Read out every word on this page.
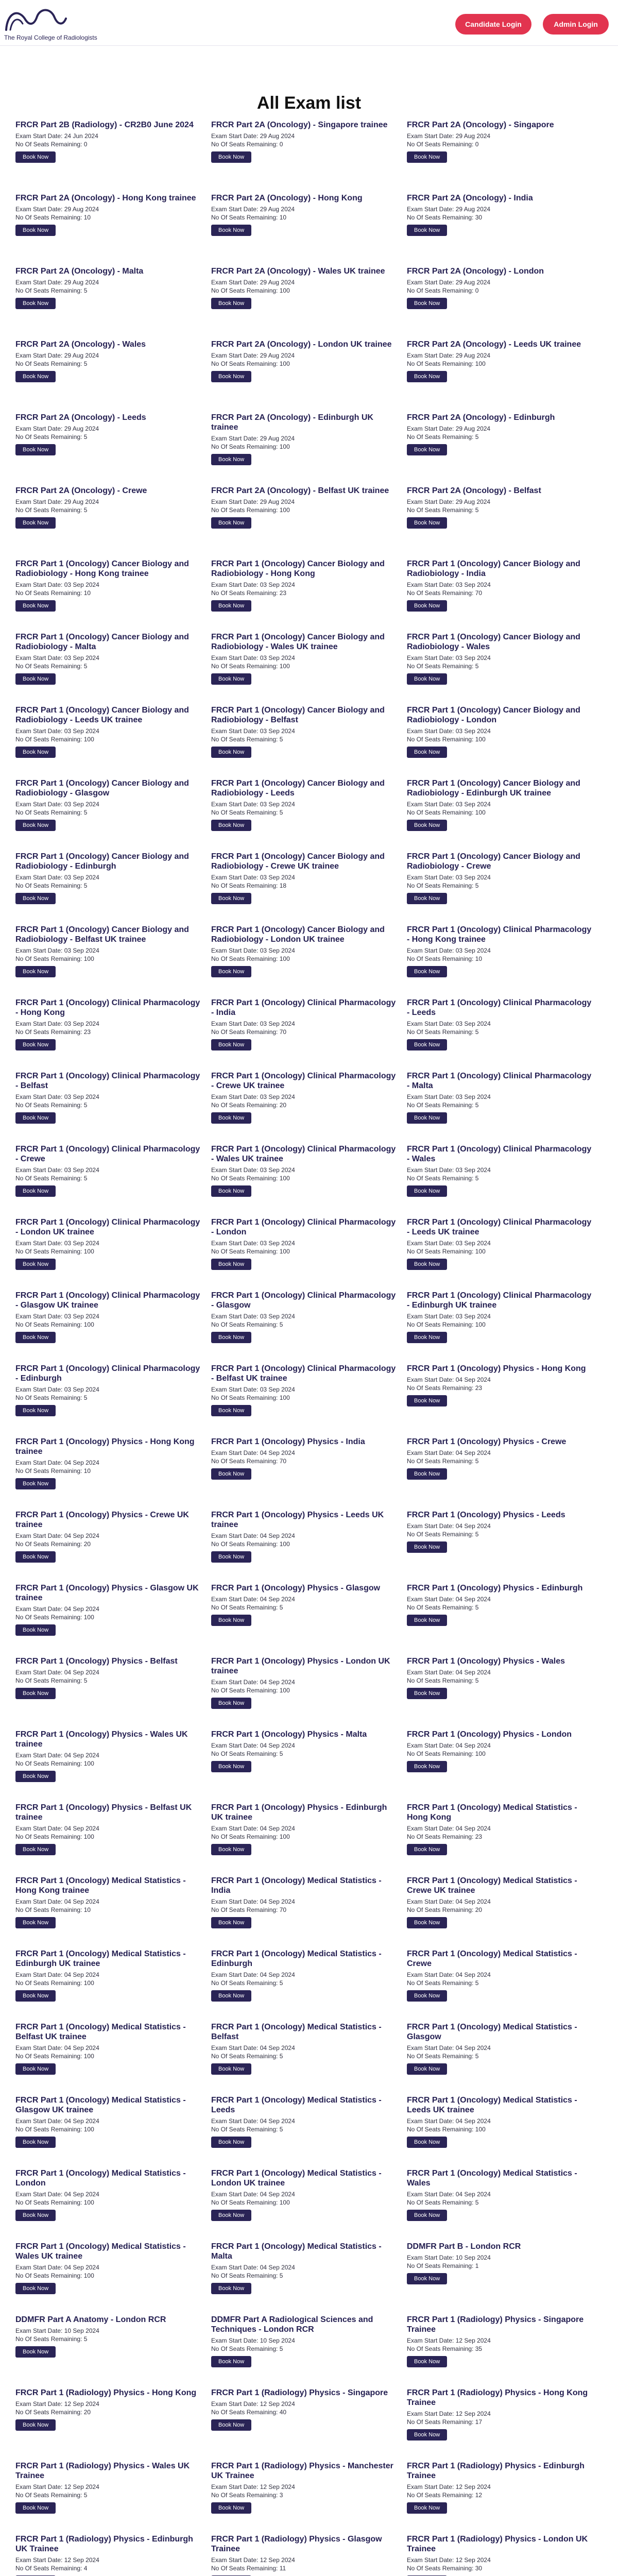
The Royal College of Radiologists
Candidate Login	Admin Login
All Exam list
FRCR Part 2B (Radiology) - CR2B0 June 2024
Exam Start Date: 24 Jun 2024
No Of Seats Remaining: 0
Book Now
FRCR Part 2A (Oncology) - Singapore trainee
Exam Start Date: 29 Aug 2024
No Of Seats Remaining: 0
Book Now
FRCR Part 2A (Oncology) - Singapore
Exam Start Date: 29 Aug 2024
No Of Seats Remaining: 0
Book Now
FRCR Part 2A (Oncology) - Hong Kong trainee
Exam Start Date: 29 Aug 2024
No Of Seats Remaining: 10
Book Now
FRCR Part 2A (Oncology) - Hong Kong
Exam Start Date: 29 Aug 2024
No Of Seats Remaining: 10
Book Now
FRCR Part 2A (Oncology) - India
Exam Start Date: 29 Aug 2024
No Of Seats Remaining: 30
Book Now
FRCR Part 2A (Oncology) - Malta
Exam Start Date: 29 Aug 2024
No Of Seats Remaining: 5
Book Now
FRCR Part 2A (Oncology) - Wales UK trainee
Exam Start Date: 29 Aug 2024
No Of Seats Remaining: 100
Book Now
FRCR Part 2A (Oncology) - London
Exam Start Date: 29 Aug 2024
No Of Seats Remaining: 0
Book Now
FRCR Part 2A (Oncology) - Wales
Exam Start Date: 29 Aug 2024
No Of Seats Remaining: 5
Book Now
FRCR Part 2A (Oncology) - London UK trainee
Exam Start Date: 29 Aug 2024
No Of Seats Remaining: 100
Book Now
FRCR Part 2A (Oncology) - Leeds UK trainee
Exam Start Date: 29 Aug 2024
No Of Seats Remaining: 100
Book Now
FRCR Part 2A (Oncology) - Leeds
Exam Start Date: 29 Aug 2024
No Of Seats Remaining: 5
Book Now
FRCR Part 2A (Oncology) - Edinburgh UK trainee
Exam Start Date: 29 Aug 2024
No Of Seats Remaining: 100
Book Now
FRCR Part 2A (Oncology) - Edinburgh
Exam Start Date: 29 Aug 2024
No Of Seats Remaining: 5
Book Now
FRCR Part 2A (Oncology) - Crewe
Exam Start Date: 29 Aug 2024
No Of Seats Remaining: 5
Book Now
FRCR Part 2A (Oncology) - Belfast UK trainee
Exam Start Date: 29 Aug 2024
No Of Seats Remaining: 100
Book Now
FRCR Part 2A (Oncology) - Belfast
Exam Start Date: 29 Aug 2024
No Of Seats Remaining: 5
Book Now
FRCR Part 1 (Oncology) Cancer Biology and Radiobiology - Hong Kong trainee
Exam Start Date: 03 Sep 2024
No Of Seats Remaining: 10
Book Now
FRCR Part 1 (Oncology) Cancer Biology and Radiobiology - Hong Kong
Exam Start Date: 03 Sep 2024
No Of Seats Remaining: 23
Book Now
FRCR Part 1 (Oncology) Cancer Biology and Radiobiology - India
Exam Start Date: 03 Sep 2024
No Of Seats Remaining: 70
Book Now
FRCR Part 1 (Oncology) Cancer Biology and Radiobiology - Malta
Exam Start Date: 03 Sep 2024
No Of Seats Remaining: 5
Book Now
FRCR Part 1 (Oncology) Cancer Biology and Radiobiology - Wales UK trainee
Exam Start Date: 03 Sep 2024
No Of Seats Remaining: 100
Book Now
FRCR Part 1 (Oncology) Cancer Biology and Radiobiology - Wales
Exam Start Date: 03 Sep 2024
No Of Seats Remaining: 5
Book Now
FRCR Part 1 (Oncology) Cancer Biology and Radiobiology - Leeds UK trainee
Exam Start Date: 03 Sep 2024
No Of Seats Remaining: 100
Book Now
FRCR Part 1 (Oncology) Cancer Biology and Radiobiology - Belfast
Exam Start Date: 03 Sep 2024
No Of Seats Remaining: 5
Book Now
FRCR Part 1 (Oncology) Cancer Biology and Radiobiology - London
Exam Start Date: 03 Sep 2024
No Of Seats Remaining: 100
Book Now
FRCR Part 1 (Oncology) Cancer Biology and Radiobiology - Glasgow
Exam Start Date: 03 Sep 2024
No Of Seats Remaining: 5
Book Now
FRCR Part 1 (Oncology) Cancer Biology and Radiobiology - Leeds
Exam Start Date: 03 Sep 2024
No Of Seats Remaining: 5
Book Now
FRCR Part 1 (Oncology) Cancer Biology and Radiobiology - Edinburgh UK trainee
Exam Start Date: 03 Sep 2024
No Of Seats Remaining: 100
Book Now
FRCR Part 1 (Oncology) Cancer Biology and Radiobiology - Edinburgh
Exam Start Date: 03 Sep 2024
No Of Seats Remaining: 5
Book Now
FRCR Part 1 (Oncology) Cancer Biology and Radiobiology - Crewe UK trainee
Exam Start Date: 03 Sep 2024
No Of Seats Remaining: 18
Book Now
FRCR Part 1 (Oncology) Cancer Biology and Radiobiology - Crewe
Exam Start Date: 03 Sep 2024
No Of Seats Remaining: 5
Book Now
FRCR Part 1 (Oncology) Cancer Biology and Radiobiology - Belfast UK trainee
Exam Start Date: 03 Sep 2024
No Of Seats Remaining: 100
Book Now
FRCR Part 1 (Oncology) Cancer Biology and Radiobiology - London UK trainee
Exam Start Date: 03 Sep 2024
No Of Seats Remaining: 100
Book Now
FRCR Part 1 (Oncology) Clinical Pharmacology - Hong Kong trainee
Exam Start Date: 03 Sep 2024
No Of Seats Remaining: 10
Book Now
FRCR Part 1 (Oncology) Clinical Pharmacology - Hong Kong
Exam Start Date: 03 Sep 2024
No Of Seats Remaining: 23
Book Now
FRCR Part 1 (Oncology) Clinical Pharmacology - India
Exam Start Date: 03 Sep 2024
No Of Seats Remaining: 70
Book Now
FRCR Part 1 (Oncology) Clinical Pharmacology - Leeds
Exam Start Date: 03 Sep 2024
No Of Seats Remaining: 5
Book Now
FRCR Part 1 (Oncology) Clinical Pharmacology - Belfast
Exam Start Date: 03 Sep 2024
No Of Seats Remaining: 5
Book Now
FRCR Part 1 (Oncology) Clinical Pharmacology - Crewe UK trainee
Exam Start Date: 03 Sep 2024
No Of Seats Remaining: 20
Book Now
FRCR Part 1 (Oncology) Clinical Pharmacology - Malta
Exam Start Date: 03 Sep 2024
No Of Seats Remaining: 5
Book Now
FRCR Part 1 (Oncology) Clinical Pharmacology - Crewe
Exam Start Date: 03 Sep 2024
No Of Seats Remaining: 5
Book Now
FRCR Part 1 (Oncology) Clinical Pharmacology - Wales UK trainee
Exam Start Date: 03 Sep 2024
No Of Seats Remaining: 100
Book Now
FRCR Part 1 (Oncology) Clinical Pharmacology - Wales
Exam Start Date: 03 Sep 2024
No Of Seats Remaining: 5
Book Now
FRCR Part 1 (Oncology) Clinical Pharmacology - London UK trainee
Exam Start Date: 03 Sep 2024
No Of Seats Remaining: 100
Book Now
FRCR Part 1 (Oncology) Clinical Pharmacology - London
Exam Start Date: 03 Sep 2024
No Of Seats Remaining: 100
Book Now
FRCR Part 1 (Oncology) Clinical Pharmacology - Leeds UK trainee
Exam Start Date: 03 Sep 2024
No Of Seats Remaining: 100
Book Now
FRCR Part 1 (Oncology) Clinical Pharmacology - Glasgow UK trainee
Exam Start Date: 03 Sep 2024
No Of Seats Remaining: 100
Book Now
FRCR Part 1 (Oncology) Clinical Pharmacology - Glasgow
Exam Start Date: 03 Sep 2024
No Of Seats Remaining: 5
Book Now
FRCR Part 1 (Oncology) Clinical Pharmacology - Edinburgh UK trainee
Exam Start Date: 03 Sep 2024
No Of Seats Remaining: 100
Book Now
FRCR Part 1 (Oncology) Clinical Pharmacology - Edinburgh
Exam Start Date: 03 Sep 2024
No Of Seats Remaining: 5
Book Now
FRCR Part 1 (Oncology) Clinical Pharmacology - Belfast UK trainee
Exam Start Date: 03 Sep 2024
No Of Seats Remaining: 100
Book Now
FRCR Part 1 (Oncology) Physics - Hong Kong
Exam Start Date: 04 Sep 2024
No Of Seats Remaining: 23
Book Now
FRCR Part 1 (Oncology) Physics - Hong Kong trainee
Exam Start Date: 04 Sep 2024
No Of Seats Remaining: 10
Book Now
FRCR Part 1 (Oncology) Physics - India
Exam Start Date: 04 Sep 2024
No Of Seats Remaining: 70
Book Now
FRCR Part 1 (Oncology) Physics - Crewe
Exam Start Date: 04 Sep 2024
No Of Seats Remaining: 5
Book Now
FRCR Part 1 (Oncology) Physics - Crewe UK trainee
Exam Start Date: 04 Sep 2024
No Of Seats Remaining: 20
Book Now
FRCR Part 1 (Oncology) Physics - Leeds UK trainee
Exam Start Date: 04 Sep 2024
No Of Seats Remaining: 100
Book Now
FRCR Part 1 (Oncology) Physics - Leeds
Exam Start Date: 04 Sep 2024
No Of Seats Remaining: 5
Book Now
FRCR Part 1 (Oncology) Physics - Glasgow UK trainee
Exam Start Date: 04 Sep 2024
No Of Seats Remaining: 100
Book Now
FRCR Part 1 (Oncology) Physics - Glasgow
Exam Start Date: 04 Sep 2024
No Of Seats Remaining: 5
Book Now
FRCR Part 1 (Oncology) Physics - Edinburgh
Exam Start Date: 04 Sep 2024
No Of Seats Remaining: 5
Book Now
FRCR Part 1 (Oncology) Physics - Belfast
Exam Start Date: 04 Sep 2024
No Of Seats Remaining: 5
Book Now
FRCR Part 1 (Oncology) Physics - London UK trainee
Exam Start Date: 04 Sep 2024
No Of Seats Remaining: 100
Book Now
FRCR Part 1 (Oncology) Physics - Wales
Exam Start Date: 04 Sep 2024
No Of Seats Remaining: 5
Book Now
FRCR Part 1 (Oncology) Physics - Wales UK trainee
Exam Start Date: 04 Sep 2024
No Of Seats Remaining: 100
Book Now
FRCR Part 1 (Oncology) Physics - Malta
Exam Start Date: 04 Sep 2024
No Of Seats Remaining: 5
Book Now
FRCR Part 1 (Oncology) Physics - London
Exam Start Date: 04 Sep 2024
No Of Seats Remaining: 100
Book Now
FRCR Part 1 (Oncology) Physics - Belfast UK trainee
Exam Start Date: 04 Sep 2024
No Of Seats Remaining: 100
Book Now
FRCR Part 1 (Oncology) Physics - Edinburgh UK trainee
Exam Start Date: 04 Sep 2024
No Of Seats Remaining: 100
Book Now
FRCR Part 1 (Oncology) Medical Statistics - Hong Kong
Exam Start Date: 04 Sep 2024
No Of Seats Remaining: 23
Book Now
FRCR Part 1 (Oncology) Medical Statistics - Hong Kong trainee
Exam Start Date: 04 Sep 2024
No Of Seats Remaining: 10
Book Now
FRCR Part 1 (Oncology) Medical Statistics - India
Exam Start Date: 04 Sep 2024
No Of Seats Remaining: 70
Book Now
FRCR Part 1 (Oncology) Medical Statistics - Crewe UK trainee
Exam Start Date: 04 Sep 2024
No Of Seats Remaining: 20
Book Now
FRCR Part 1 (Oncology) Medical Statistics - Edinburgh UK trainee
Exam Start Date: 04 Sep 2024
No Of Seats Remaining: 100
Book Now
FRCR Part 1 (Oncology) Medical Statistics - Edinburgh
Exam Start Date: 04 Sep 2024
No Of Seats Remaining: 5
Book Now
FRCR Part 1 (Oncology) Medical Statistics - Crewe
Exam Start Date: 04 Sep 2024
No Of Seats Remaining: 5
Book Now
FRCR Part 1 (Oncology) Medical Statistics - Belfast UK trainee
Exam Start Date: 04 Sep 2024
No Of Seats Remaining: 100
Book Now
FRCR Part 1 (Oncology) Medical Statistics - Belfast
Exam Start Date: 04 Sep 2024
No Of Seats Remaining: 5
Book Now
FRCR Part 1 (Oncology) Medical Statistics - Glasgow
Exam Start Date: 04 Sep 2024
No Of Seats Remaining: 5
Book Now
FRCR Part 1 (Oncology) Medical Statistics - Glasgow UK trainee
Exam Start Date: 04 Sep 2024
No Of Seats Remaining: 100
Book Now
FRCR Part 1 (Oncology) Medical Statistics - Leeds
Exam Start Date: 04 Sep 2024
No Of Seats Remaining: 5
Book Now
FRCR Part 1 (Oncology) Medical Statistics - Leeds UK trainee
Exam Start Date: 04 Sep 2024
No Of Seats Remaining: 100
Book Now
FRCR Part 1 (Oncology) Medical Statistics - London
Exam Start Date: 04 Sep 2024
No Of Seats Remaining: 100
Book Now
FRCR Part 1 (Oncology) Medical Statistics - London UK trainee
Exam Start Date: 04 Sep 2024
No Of Seats Remaining: 100
Book Now
FRCR Part 1 (Oncology) Medical Statistics - Wales
Exam Start Date: 04 Sep 2024
No Of Seats Remaining: 5
Book Now
FRCR Part 1 (Oncology) Medical Statistics - Wales UK trainee
Exam Start Date: 04 Sep 2024
No Of Seats Remaining: 100
Book Now
FRCR Part 1 (Oncology) Medical Statistics - Malta
Exam Start Date: 04 Sep 2024
No Of Seats Remaining: 5
Book Now
DDMFR Part B - London RCR
Exam Start Date: 10 Sep 2024
No Of Seats Remaining: 1
Book Now
DDMFR Part A Anatomy - London RCR
Exam Start Date: 10 Sep 2024
No Of Seats Remaining: 5
Book Now
DDMFR Part A Radiological Sciences and Techniques - London RCR
Exam Start Date: 10 Sep 2024
No Of Seats Remaining: 5
Book Now
FRCR Part 1 (Radiology) Physics - Singapore Trainee
Exam Start Date: 12 Sep 2024
No Of Seats Remaining: 35
Book Now
FRCR Part 1 (Radiology) Physics - Hong Kong
Exam Start Date: 12 Sep 2024
No Of Seats Remaining: 20
Book Now
FRCR Part 1 (Radiology) Physics - Singapore
Exam Start Date: 12 Sep 2024
No Of Seats Remaining: 40
Book Now
FRCR Part 1 (Radiology) Physics - Hong Kong Trainee
Exam Start Date: 12 Sep 2024
No Of Seats Remaining: 17
Book Now
FRCR Part 1 (Radiology) Physics - Wales UK Trainee
Exam Start Date: 12 Sep 2024
No Of Seats Remaining: 5
Book Now
FRCR Part 1 (Radiology) Physics - Manchester UK Trainee
Exam Start Date: 12 Sep 2024
No Of Seats Remaining: 3
Book Now
FRCR Part 1 (Radiology) Physics - Edinburgh Trainee
Exam Start Date: 12 Sep 2024
No Of Seats Remaining: 12
Book Now
FRCR Part 1 (Radiology) Physics - Edinburgh UK Trainee
Exam Start Date: 12 Sep 2024
No Of Seats Remaining: 4
FRCR Part 1 (Radiology) Physics - Glasgow Trainee
Exam Start Date: 12 Sep 2024
No Of Seats Remaining: 11
FRCR Part 1 (Radiology) Physics - London UK Trainee
Exam Start Date: 12 Sep 2024
No Of Seats Remaining: 30
